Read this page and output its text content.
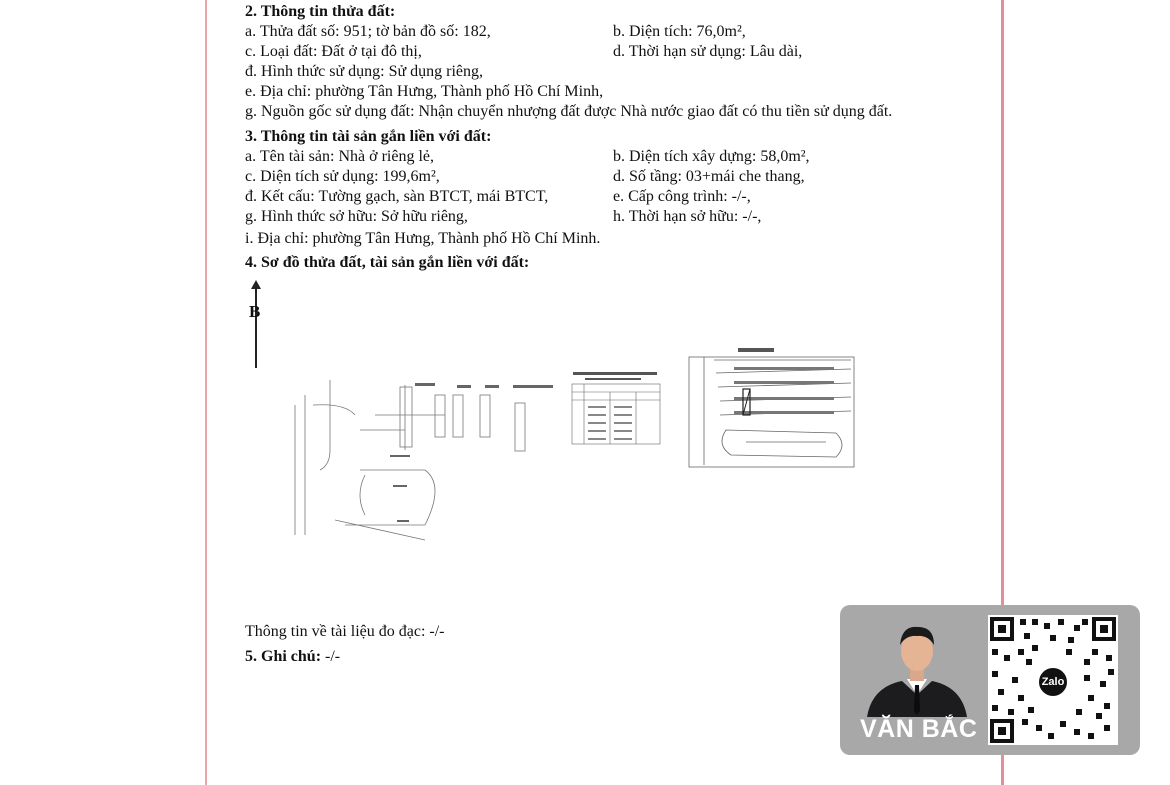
2. Thông tin thửa đất:
a. Thửa đất số: 951; tờ bản đồ số: 182,	b. Diện tích: 76,0m²,
c. Loại đất: Đất ở tại đô thị,	d. Thời hạn sử dụng: Lâu dài,
đ. Hình thức sử dụng: Sử dụng riêng,
e. Địa chỉ: phường Tân Hưng, Thành phố Hồ Chí Minh,
g. Nguồn gốc sử dụng đất: Nhận chuyển nhượng đất được Nhà nước giao đất có thu tiền sử dụng đất.
3. Thông tin tài sản gắn liền với đất:
a. Tên tài sản: Nhà ở riêng lẻ,	b. Diện tích xây dựng: 58,0m²,
c. Diện tích sử dụng: 199,6m²,	d. Số tầng: 03+mái che thang,
đ. Kết cấu: Tường gạch, sàn BTCT, mái BTCT,	e. Cấp công trình: -/-,
g. Hình thức sở hữu: Sở hữu riêng,	h. Thời hạn sở hữu: -/-,
i. Địa chỉ: phường Tân Hưng, Thành phố Hồ Chí Minh.
4. Sơ đồ thửa đất, tài sản gắn liền với đất:
Thông tin về tài liệu đo đạc: -/-
5. Ghi chú: -/-
B
VĂN BẮC
Zalo
